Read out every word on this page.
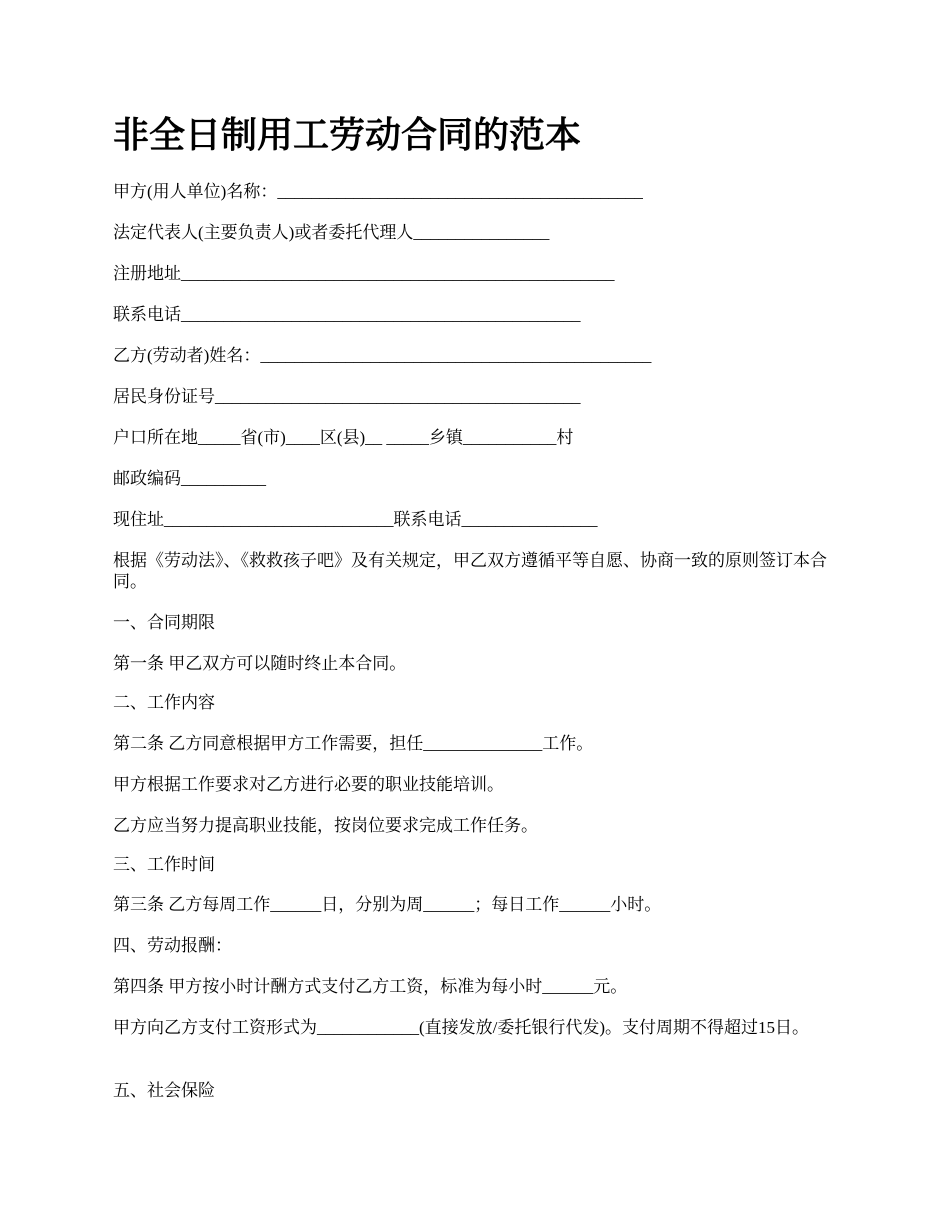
非全日制用工劳动合同的范本

甲方(用人单位)名称：___________________________________________

法定代表人(主要负责人)或者委托代理人________________

注册地址___________________________________________________

联系电话_______________________________________________

乙方(劳动者)姓名：______________________________________________

居民身份证号___________________________________________

户口所在地_____省(市)____区(县)__ _____乡镇___________村

邮政编码__________

现住址___________________________联系电话________________

根据《劳动法》、《救救孩子吧》及有关规定，甲乙双方遵循平等自愿、协商一致的原则签订本合同。

一、合同期限

第一条 甲乙双方可以随时终止本合同。

二、工作内容

第二条 乙方同意根据甲方工作需要，担任______________工作。

甲方根据工作要求对乙方进行必要的职业技能培训。

乙方应当努力提高职业技能，按岗位要求完成工作任务。

三、工作时间

第三条 乙方每周工作______日，分别为周______；每日工作______小时。

四、劳动报酬：

第四条 甲方按小时计酬方式支付乙方工资，标准为每小时______元。

甲方向乙方支付工资形式为____________(直接发放/委托银行代发)。支付周期不得超过15日。

五、社会保险
